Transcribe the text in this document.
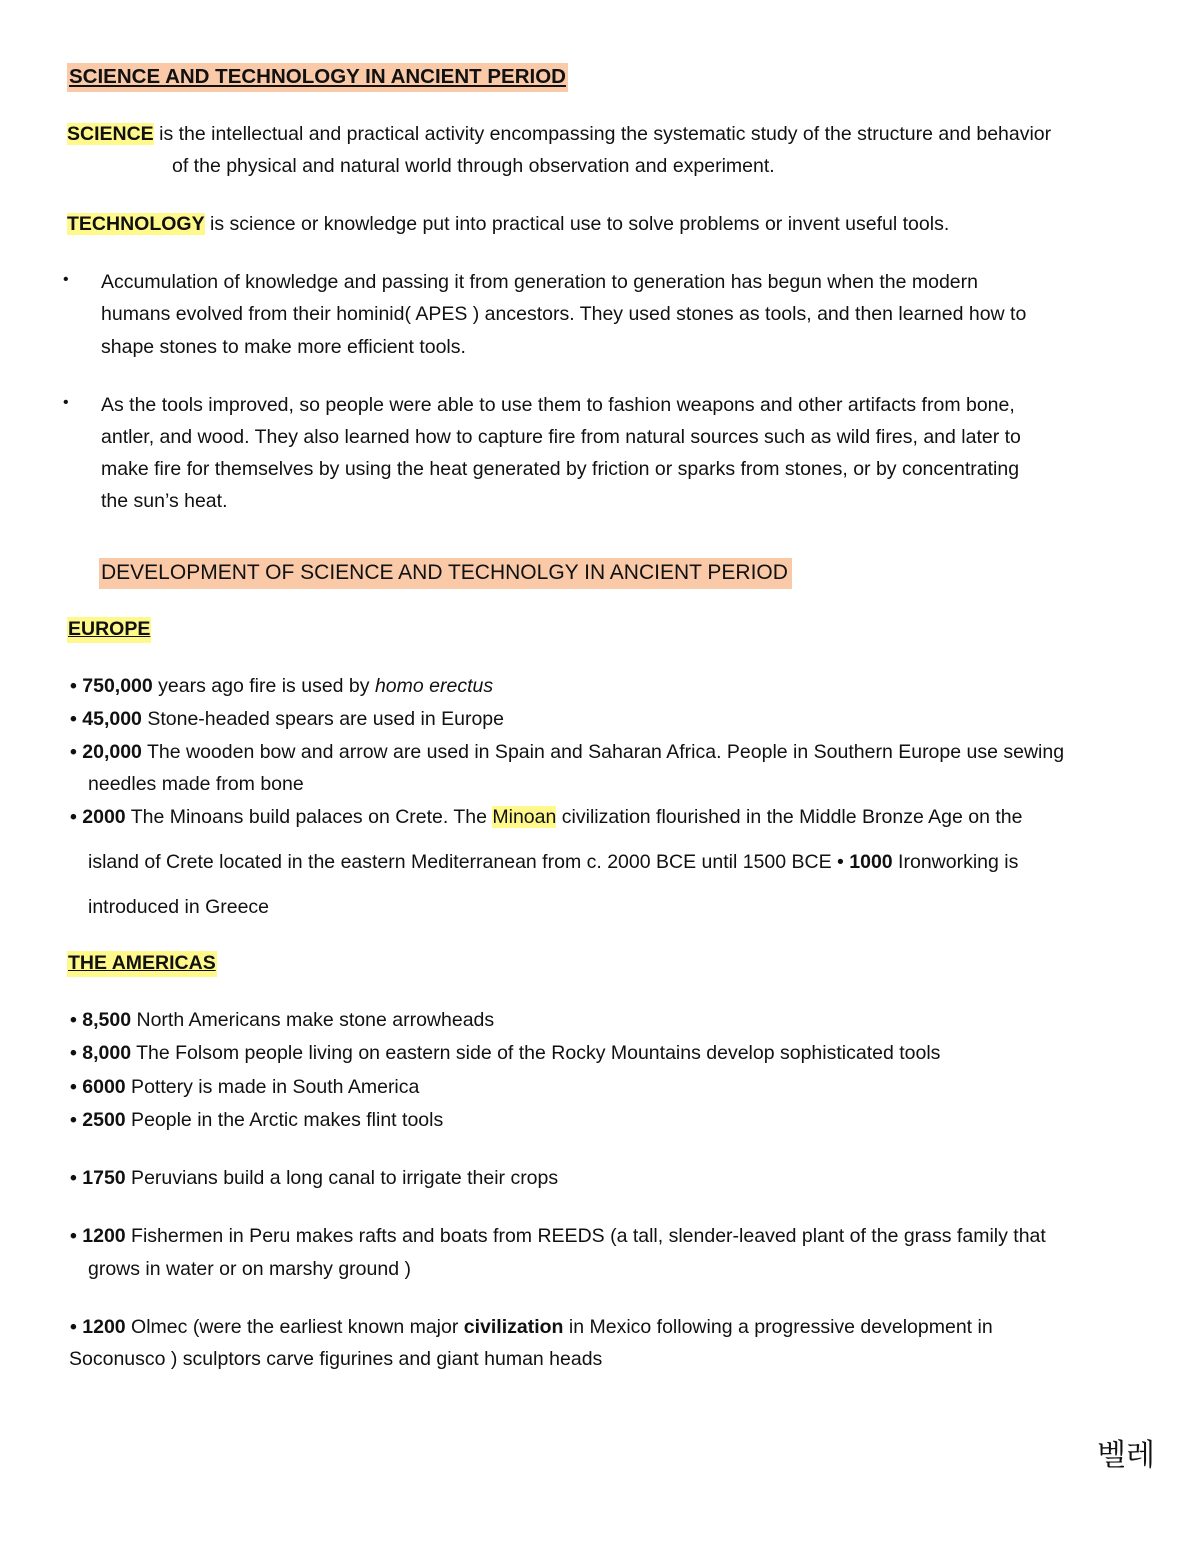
SCIENCE AND TECHNOLOGY IN ANCIENT PERIOD
SCIENCE is the intellectual and practical activity encompassing the systematic study of the structure and behavior
of the physical and natural world through observation and experiment.
TECHNOLOGY is science or knowledge put into practical use to solve problems or invent useful tools.
• Accumulation of knowledge and passing it from generation to generation has begun when the modern
humans evolved from their hominid( APES ) ancestors. They used stones as tools, and then learned how to
shape stones to make more efficient tools.
• As the tools improved, so people were able to use them to fashion weapons and other artifacts from bone,
antler, and wood. They also learned how to capture fire from natural sources such as wild fires, and later to
make fire for themselves by using the heat generated by friction or sparks from stones, or by concentrating
the sun’s heat.
DEVELOPMENT OF SCIENCE AND TECHNOLGY IN ANCIENT PERIOD
EUROPE
• 750,000 years ago fire is used by homo erectus
• 45,000 Stone-headed spears are used in Europe
• 20,000 The wooden bow and arrow are used in Spain and Saharan Africa. People in Southern Europe use sewing
needles made from bone
• 2000 The Minoans build palaces on Crete. The Minoan civilization flourished in the Middle Bronze Age on the
island of Crete located in the eastern Mediterranean from c. 2000 BCE until 1500 BCE • 1000 Ironworking is
introduced in Greece
THE AMERICAS
• 8,500 North Americans make stone arrowheads
• 8,000 The Folsom people living on eastern side of the Rocky Mountains develop sophisticated tools
• 6000 Pottery is made in South America
• 2500 People in the Arctic makes flint tools
• 1750 Peruvians build a long canal to irrigate their crops
• 1200 Fishermen in Peru makes rafts and boats from REEDS (a tall, slender-leaved plant of the grass family that
grows in water or on marshy ground )
• 1200 Olmec (were the earliest known major civilization in Mexico following a progressive development in
Soconusco ) sculptors carve figurines and giant human heads
벨레
